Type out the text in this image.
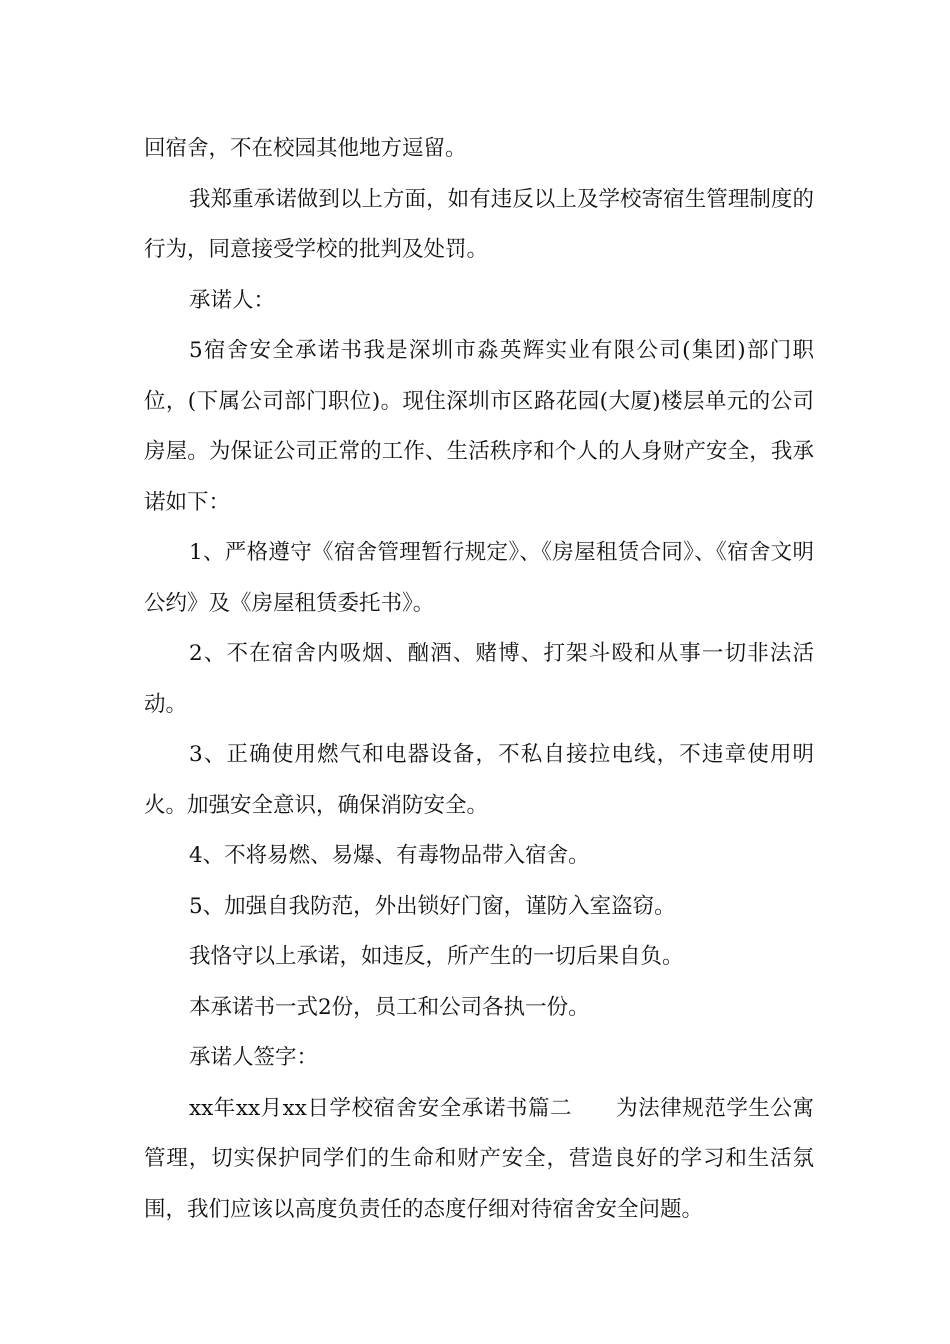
回宿舍，不在校园其他地方逗留。

我郑重承诺做到以上方面，如有违反以上及学校寄宿生管理制度的行为，同意接受学校的批判及处罚。

承诺人：

5宿舍安全承诺书我是深圳市淼英辉实业有限公司(集团)部门职位，(下属公司部门职位)。现住深圳市区路花园(大厦)楼层单元的公司房屋。为保证公司正常的工作、生活秩序和个人的人身财产安全，我承诺如下：

1、严格遵守《宿舍管理暂行规定》、《房屋租赁合同》、《宿舍文明公约》及《房屋租赁委托书》。

2、不在宿舍内吸烟、酗酒、赌博、打架斗殴和从事一切非法活动。

3、正确使用燃气和电器设备，不私自接拉电线，不违章使用明火。加强安全意识，确保消防安全。

4、不将易燃、易爆、有毒物品带入宿舍。

5、加强自我防范，外出锁好门窗，谨防入室盗窃。

我恪守以上承诺，如违反，所产生的一切后果自负。

本承诺书一式2份，员工和公司各执一份。

承诺人签字：

xx年xx月xx日学校宿舍安全承诺书篇二　　为法律规范学生公寓管理，切实保护同学们的生命和财产安全，营造良好的学习和生活氛围，我们应该以高度负责任的态度仔细对待宿舍安全问题。
